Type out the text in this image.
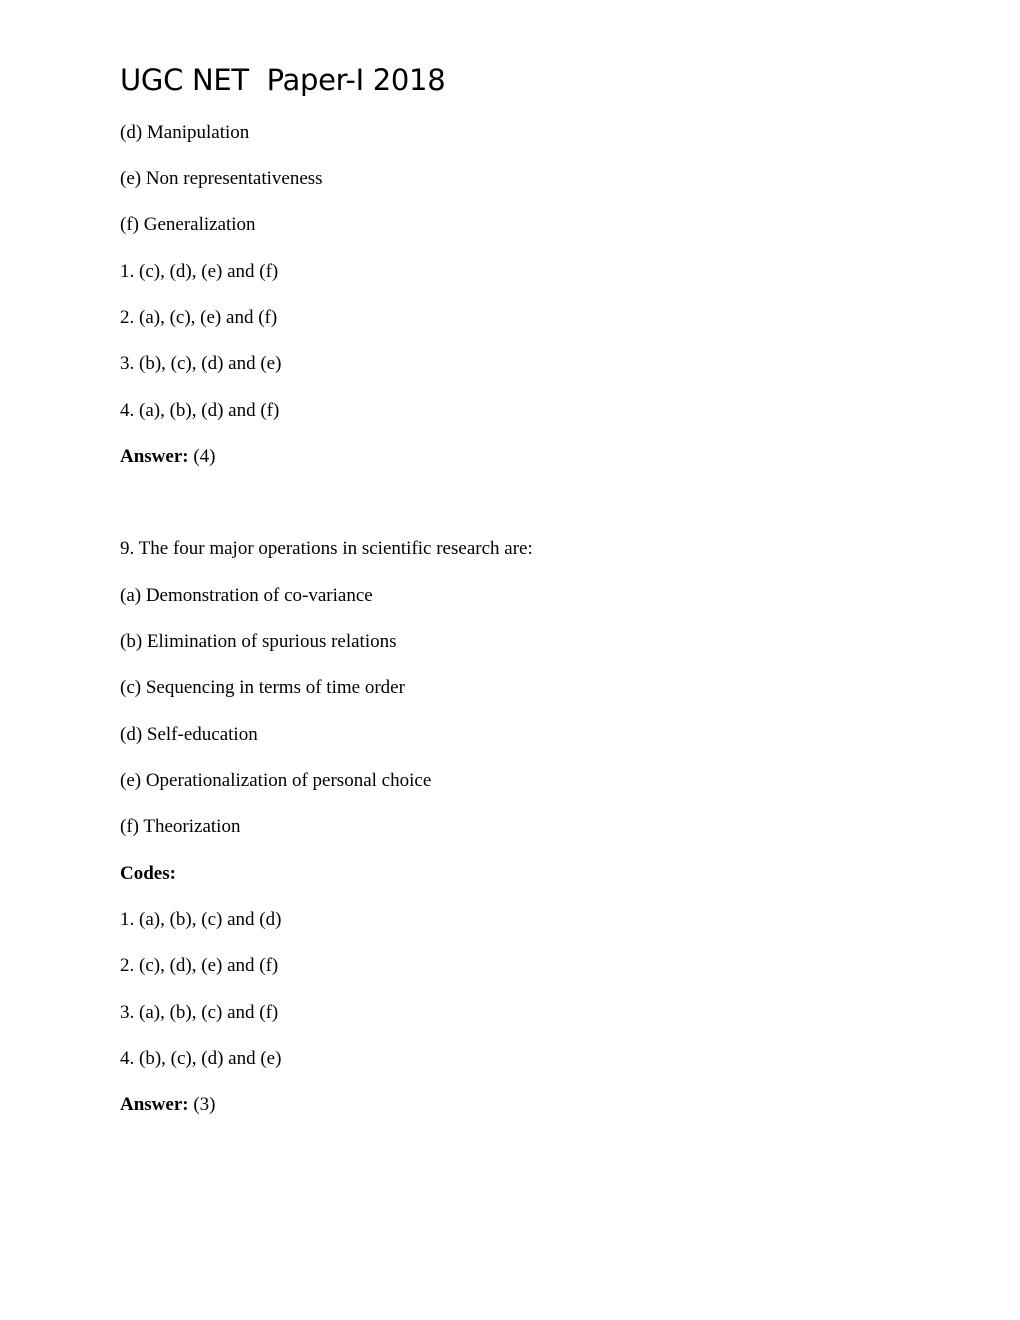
UGC NET  Paper-I 2018
(d) Manipulation
(e) Non representativeness
(f) Generalization
1. (c), (d), (e) and (f)
2. (a), (c), (e) and (f)
3. (b), (c), (d) and (e)
4. (a), (b), (d) and (f)
Answer: (4)
9. The four major operations in scientific research are:
(a) Demonstration of co-variance
(b) Elimination of spurious relations
(c) Sequencing in terms of time order
(d) Self-education
(e) Operationalization of personal choice
(f) Theorization
Codes:
1. (a), (b), (c) and (d)
2. (c), (d), (e) and (f)
3. (a), (b), (c) and (f)
4. (b), (c), (d) and (e)
Answer: (3)
